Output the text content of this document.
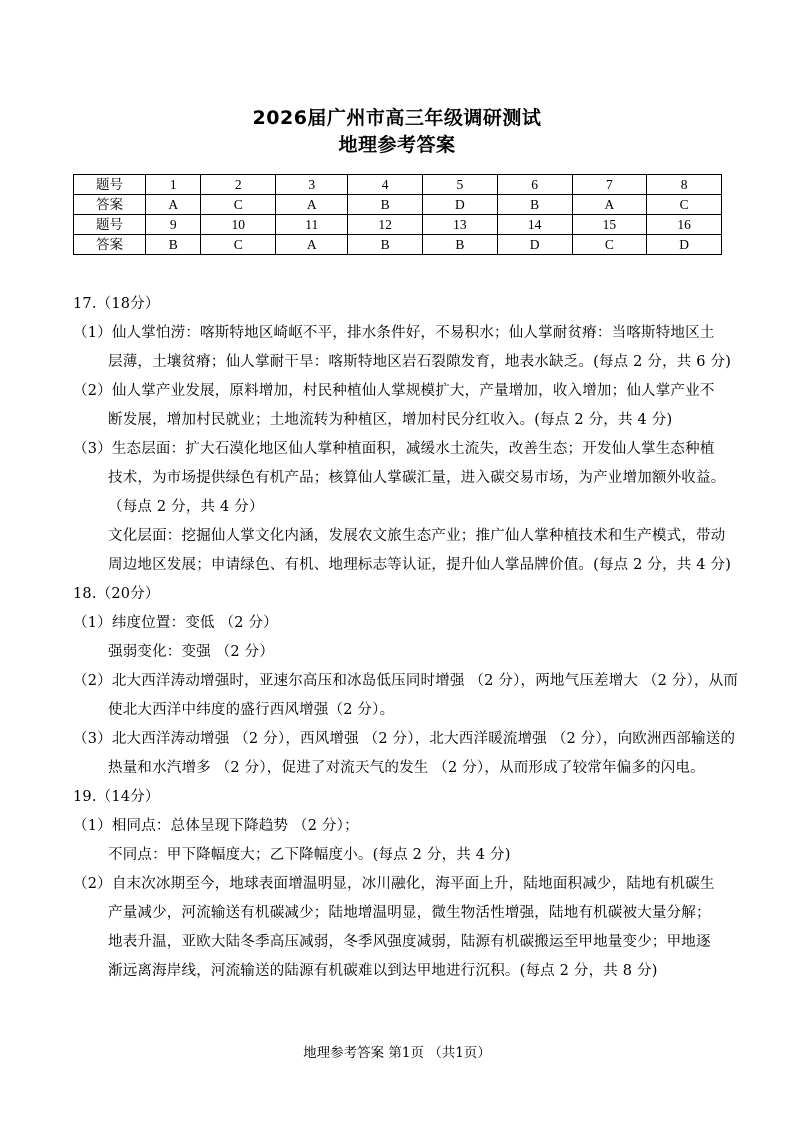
2026届广州市高三年级调研测试
地理参考答案
题号	1	2	3	4	5	6	7	8
答案	A	C	A	B	D	B	A	C
题号	9	10	11	12	13	14	15	16
答案	B	C	A	B	B	D	C	D

17.（18分）

（1）仙人掌怕涝：喀斯特地区崎岖不平，排水条件好，不易积水；仙人掌耐贫瘠：当喀斯特地区土

层薄，土壤贫瘠；仙人掌耐干旱：喀斯特地区岩石裂隙发育，地表水缺乏。(每点 2 分，共 6 分)

（2）仙人掌产业发展，原料增加，村民种植仙人掌规模扩大，产量增加，收入增加；仙人掌产业不

断发展，增加村民就业；土地流转为种植区，增加村民分红收入。(每点 2 分，共 4 分)

（3）生态层面：扩大石漠化地区仙人掌种植面积，减缓水土流失，改善生态；开发仙人掌生态种植

技术，为市场提供绿色有机产品；核算仙人掌碳汇量，进入碳交易市场，为产业增加额外收益。

（每点 2 分，共 4 分）

文化层面：挖掘仙人掌文化内涵，发展农文旅生态产业；推广仙人掌种植技术和生产模式，带动

周边地区发展；申请绿色、有机、地理标志等认证，提升仙人掌品牌价值。(每点 2 分，共 4 分)

18.（20分）

（1）纬度位置：变低 （2 分）

强弱变化：变强 （2 分）

（2）北大西洋涛动增强时，亚速尔高压和冰岛低压同时增强 （2 分），两地气压差增大 （2 分），从而

使北大西洋中纬度的盛行西风增强（2 分）。

（3）北大西洋涛动增强 （2 分），西风增强 （2 分），北大西洋暖流增强 （2 分），向欧洲西部输送的

热量和水汽增多 （2 分），促进了对流天气的发生 （2 分），从而形成了较常年偏多的闪电。

19.（14分）

（1）相同点：总体呈现下降趋势 （2 分）；

不同点：甲下降幅度大；乙下降幅度小。(每点 2 分，共 4 分)

（2）自末次冰期至今，地球表面增温明显，冰川融化，海平面上升，陆地面积减少，陆地有机碳生

产量减少，河流输送有机碳减少；陆地增温明显，微生物活性增强，陆地有机碳被大量分解；

地表升温，亚欧大陆冬季高压减弱，冬季风强度减弱，陆源有机碳搬运至甲地量变少；甲地逐

渐远离海岸线，河流输送的陆源有机碳难以到达甲地进行沉积。(每点 2 分，共 8 分)

地理参考答案 第1页 （共1页）
